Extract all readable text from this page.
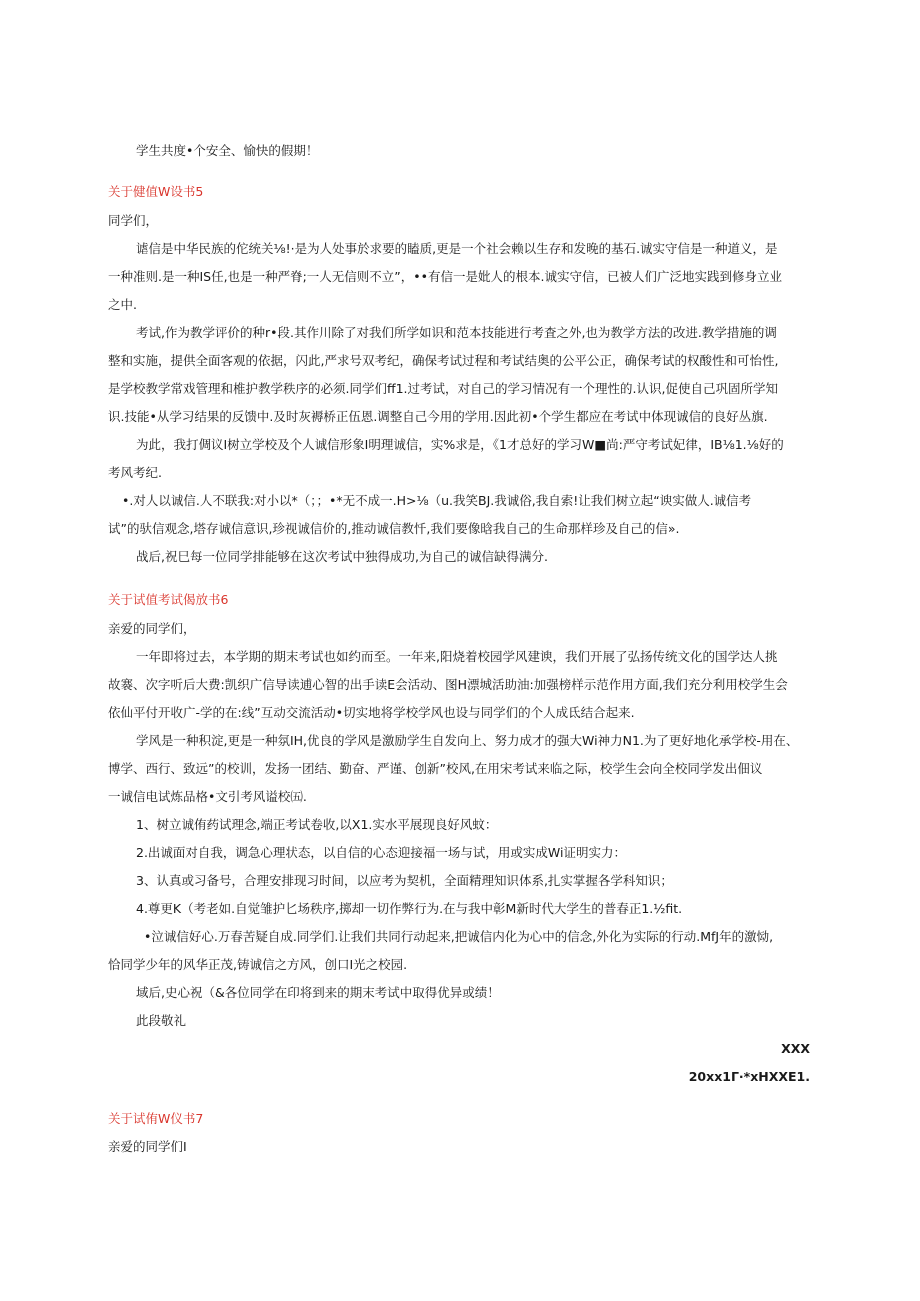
学生共度•个安全、愉快的假期！
关于健值W设书5
同学们，
谑信是中华民族的佗统关⅛!·是为人处事於求要的瞌质,更是一个社会赖以生存和发晚的基石.诚实守信是一种道义，是
一种准则.是一种IS任,也是一种严脊;一人无信则不立”，••有信一是妣人的根本.诚实守信，已被人们广泛地实践到修身立业
之中.
考试,作为教学评价的种r•段.其作川除了对我们所学如识和范本技能进行考査之外,也为教学方法的改进.教学措施的调
整和实施，提供全面客观的依据，闪此,严求号双考纪，确保考试过程和考试结奥的公平公正，确保考试的权酸性和可怡性,
是学校教学常戏管理和椎护教学秩序的必须.同学们ff1.过考试，对自己的学习情况有一个理性的.认识,促使自己巩固所学知
识.技能•从学习结果的反馈中.及时灰褥桥正伍恩.调整自己今用的学用.因此初•个学生都应在考试中体现诚信的良好丛旗.
为此，我打倜议I树立学校及个人诚信形象I明理诚信，实%求是，《1才总好的学习W■尚:严守考试妃律，IB⅛1.⅛好的
考风考纪.
•.对人以诚信.人不联我:对小以*（；；•*无不成一.H>⅛（u.我笑BJ.我诚俗,我自索!让我们树立起“谀实做人.诚信考
试”的驮信观念,塔存诚信意识,珍视诚信价的,推动诚信教忏,我们要像晗我自己的生命那样珍及自己的信».
战后,祝巳每一位同学排能够在这次考试中独得成功,为自己的诚信缺得满分.
关于试值考试偈放书6
亲爱的同学们，
一年即将过去，本学期的期末考试也如约而至。一年来,阳烧着校园学风建谀，我们开展了弘扬传统文化的国学达人挑
故褰、次字听后大费:凯织广信导读逋心智的出手读E会活动、图H漂城活助油:加强榜样示范作用方面,我们充分利用校学生会
依仙平付开收广-学的在:线”互动交流活动•切实地将学校学风也设与同学们的个人成氐结合起来.
学风是一种积淀,更是一种氛IH,优良的学风是激励学生自发向上、努力成才的强大Wi神力N1.为了更好地化承学校-用在、
博学、西行、致远”的校训，发扬一团结、勤奋、严谨、创新”校风,在用宋考试来临之际，校学生会向全校同学发出佃议
一诚信电试炼品格•文引考风谥校㈤.
1、树立诚侑药试理念,端正考试卷收,以X1.实水平展现良好风蚊：
2.出诚面对自我，调急心理状态，以自信的心态迎接福一场与试，用或实成Wi证明实力：
3、认真或习备号，合理安排现习时间，以应考为契机，全面精理知识体系,扎实掌握各学科知识；
4.尊更K（考老如.自觉雏护匕场秩序,掷却一切作弊行为.在与我中彰M新时代大学生的普春正1.½fit.
•泣诚信好心.万春苦疑自成.同学们.让我们共同行动起来,把诚信内化为心中的信念,外化为实际的行动.MfJ年的激恸,
恰同学少年的风华正茂,铸诚信之方风，创口I光之校园.
域后,史心祝（&各位同学在印将到来的期末考试中取得优异或绩！
此段敬礼
XXX
20xx1Γ·*xHXXE1.
关于试侑W仪书7
亲爱的同学们I
